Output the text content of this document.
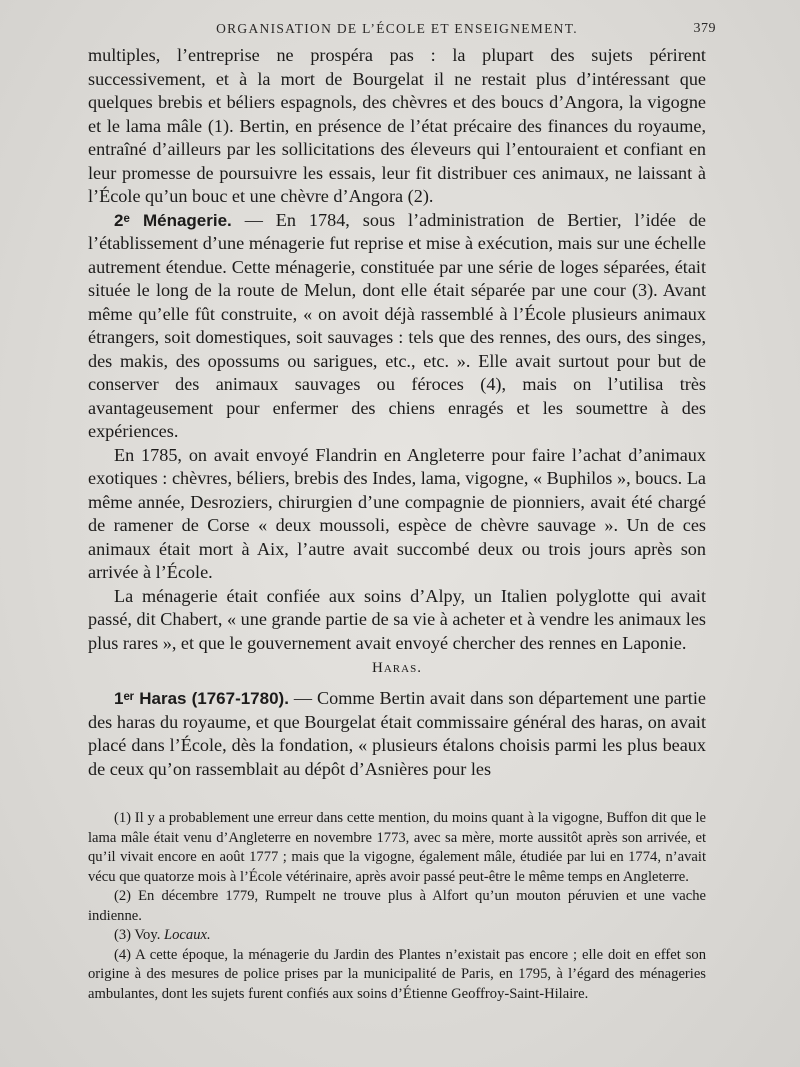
ORGANISATION DE L’ÉCOLE ET ENSEIGNEMENT.	379

multiples, l’entreprise ne prospéra pas : la plupart des sujets périrent successivement, et à la mort de Bourgelat il ne restait plus d’intéressant que quelques brebis et béliers espagnols, des chèvres et des boucs d’Angora, la vigogne et le lama mâle (1). Bertin, en présence de l’état précaire des finances du royaume, entraîné d’ailleurs par les sollicitations des éleveurs qui l’entouraient et confiant en leur promesse de poursuivre les essais, leur fit distribuer ces animaux, ne laissant à l’École qu’un bouc et une chèvre d’Angora (2).

2ᵉ Ménagerie. — En 1784, sous l’administration de Bertier, l’idée de l’établissement d’une ménagerie fut reprise et mise à exécution, mais sur une échelle autrement étendue. Cette ménagerie, constituée par une série de loges séparées, était située le long de la route de Melun, dont elle était séparée par une cour (3). Avant même qu’elle fût construite, « on avoit déjà rassemblé à l’École plusieurs animaux étrangers, soit domestiques, soit sauvages : tels que des rennes, des ours, des singes, des makis, des opossums ou sarigues, etc., etc. ». Elle avait surtout pour but de conserver des animaux sauvages ou féroces (4), mais on l’utilisa très avantageusement pour enfermer des chiens enragés et les soumettre à des expériences.

En 1785, on avait envoyé Flandrin en Angleterre pour faire l’achat d’animaux exotiques : chèvres, béliers, brebis des Indes, lama, vigogne, « Buphilos », boucs. La même année, Desroziers, chirurgien d’une compagnie de pionniers, avait été chargé de ramener de Corse « deux moussoli, espèce de chèvre sauvage ». Un de ces animaux était mort à Aix, l’autre avait succombé deux ou trois jours après son arrivée à l’École.

La ménagerie était confiée aux soins d’Alpy, un Italien polyglotte qui avait passé, dit Chabert, « une grande partie de sa vie à acheter et à vendre les animaux les plus rares », et que le gouvernement avait envoyé chercher des rennes en Laponie.

Haras.

1ᵉʳ Haras (1767-1780). — Comme Bertin avait dans son département une partie des haras du royaume, et que Bourgelat était commissaire général des haras, on avait placé dans l’École, dès la fondation, « plusieurs étalons choisis parmi les plus beaux de ceux qu’on rassemblait au dépôt d’Asnières pour les

(1) Il y a probablement une erreur dans cette mention, du moins quant à la vigogne, Buffon dit que le lama mâle était venu d’Angleterre en novembre 1773, avec sa mère, morte aussitôt après son arrivée, et qu’il vivait encore en août 1777 ; mais que la vigogne, également mâle, étudiée par lui en 1774, n’avait vécu que quatorze mois à l’École vétérinaire, après avoir passé peut-être le même temps en Angleterre.

(2) En décembre 1779, Rumpelt ne trouve plus à Alfort qu’un mouton péruvien et une vache indienne.

(3) Voy. Locaux.

(4) A cette époque, la ménagerie du Jardin des Plantes n’existait pas encore ; elle doit en effet son origine à des mesures de police prises par la municipalité de Paris, en 1795, à l’égard des ménageries ambulantes, dont les sujets furent confiés aux soins d’Étienne Geoffroy-Saint-Hilaire.
